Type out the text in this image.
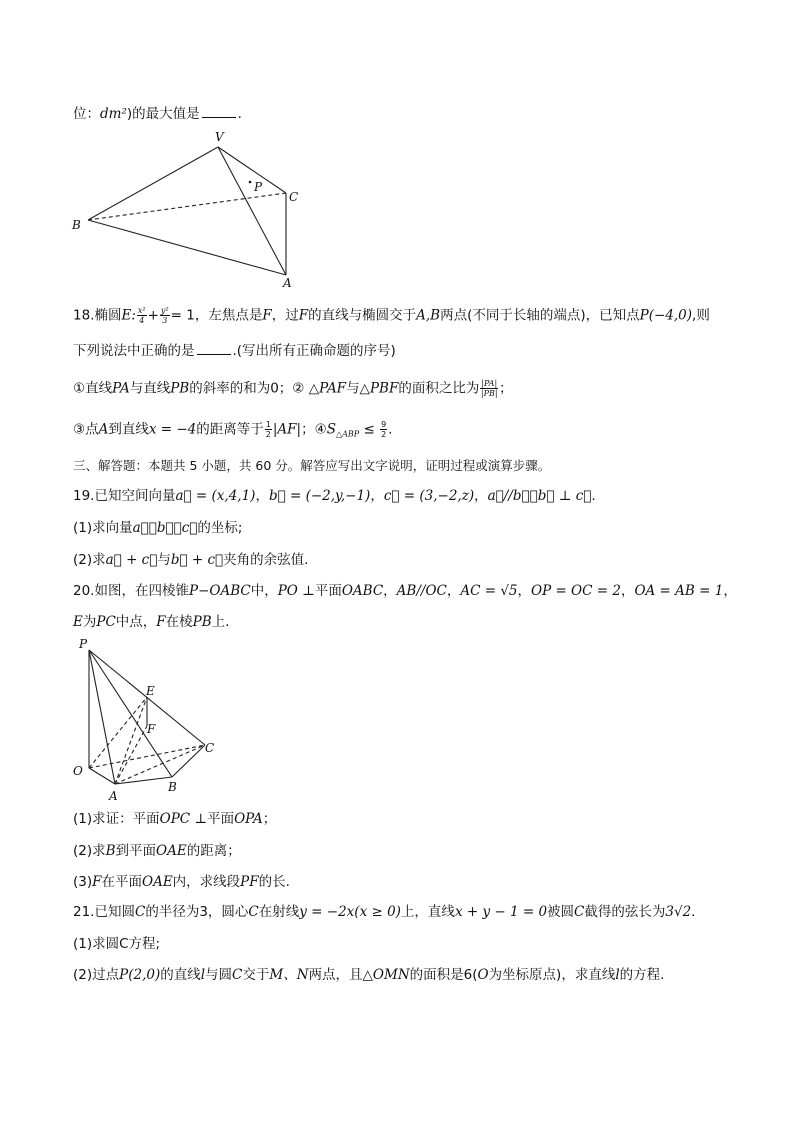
位：dm²)的最大值是	.
V
P
C
B
A
18.椭圆E: $\frac{\text{x²}}{4} + \frac{\text{y²}}{3} = 1$，左焦点是F，过F的直线与椭圆交于A,B两点(不同于长轴的端点)，已知点P(−4,0),则
下列说法中正确的是	.(写出所有正确命题的序号)
①直线PA与直线PB的斜率的和为0；② △PAF与△PBF的面积之比为 $\frac{|PA|}{|PB|}$ ；
③点A到直线x = −4的距离等于 $\frac{1}{2} |AF|$；$④S_{\triangle ABP} \le \frac{9}{2}$ .
三、解答题：本题共 5 小题，共 60 分。解答应写出文字说明，证明过程或演算步骤。
19.已知空间向量a⃗ = (x,4,1)，b⃗ = (−2,y,−1)，c⃗ = (3,−2,z)，a⃗//b⃗，b⃗ ⊥ c⃗.
(1)求向量a⃗，b⃗，c⃗的坐标;
(2)求a⃗ + c⃗与b⃗ + c⃗夹角的余弦值.
20.如图，在四棱锥P−OABC中，PO ⊥平面OABC，AB//OC，AC = √5，OP = OC = 2，OA = AB = 1，
E为PC中点，F在棱PB上.
P
E
F
C
O
A
B
(1)求证：平面OPC ⊥平面OPA；
(2)求B到平面OAE的距离；
(3)F在平面OAE内，求线段PF的长.
21.已知圆C的半径为3，圆心C在射线y = −2x(x ≥ 0)上，直线x + y − 1 = 0被圆C截得的弦长为3√2.
(1)求圆C方程;
(2)过点P(2,0)的直线l与圆C交于M、N两点，且△OMN的面积是6(O为坐标原点)，求直线l的方程.
